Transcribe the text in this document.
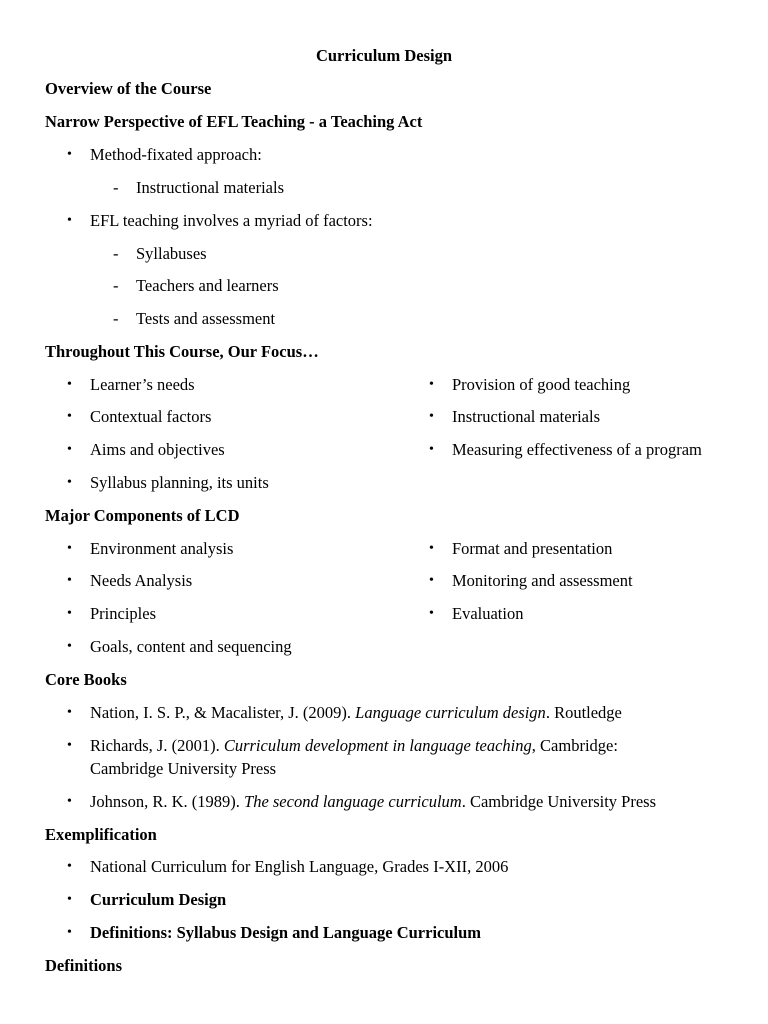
Curriculum Design
Overview of the Course
Narrow Perspective of EFL Teaching - a Teaching Act
• Method-fixated approach:
- Instructional materials
• EFL teaching involves a myriad of factors:
- Syllabuses
- Teachers and learners
- Tests and assessment
Throughout This Course, Our Focus…
• Learner’s needs	• Provision of good teaching
• Contextual factors	• Instructional materials
• Aims and objectives	• Measuring effectiveness of a program
• Syllabus planning, its units
Major Components of LCD
• Environment analysis	• Format and presentation
• Needs Analysis	• Monitoring and assessment
• Principles	• Evaluation
• Goals, content and sequencing
Core Books
• Nation, I. S. P., & Macalister, J. (2009). Language curriculum design. Routledge
• Richards, J. (2001). Curriculum development in language teaching, Cambridge:
Cambridge University Press
• Johnson, R. K. (1989). The second language curriculum. Cambridge University Press
Exemplification
• National Curriculum for English Language, Grades I-XII, 2006
• Curriculum Design
• Definitions: Syllabus Design and Language Curriculum
Definitions
